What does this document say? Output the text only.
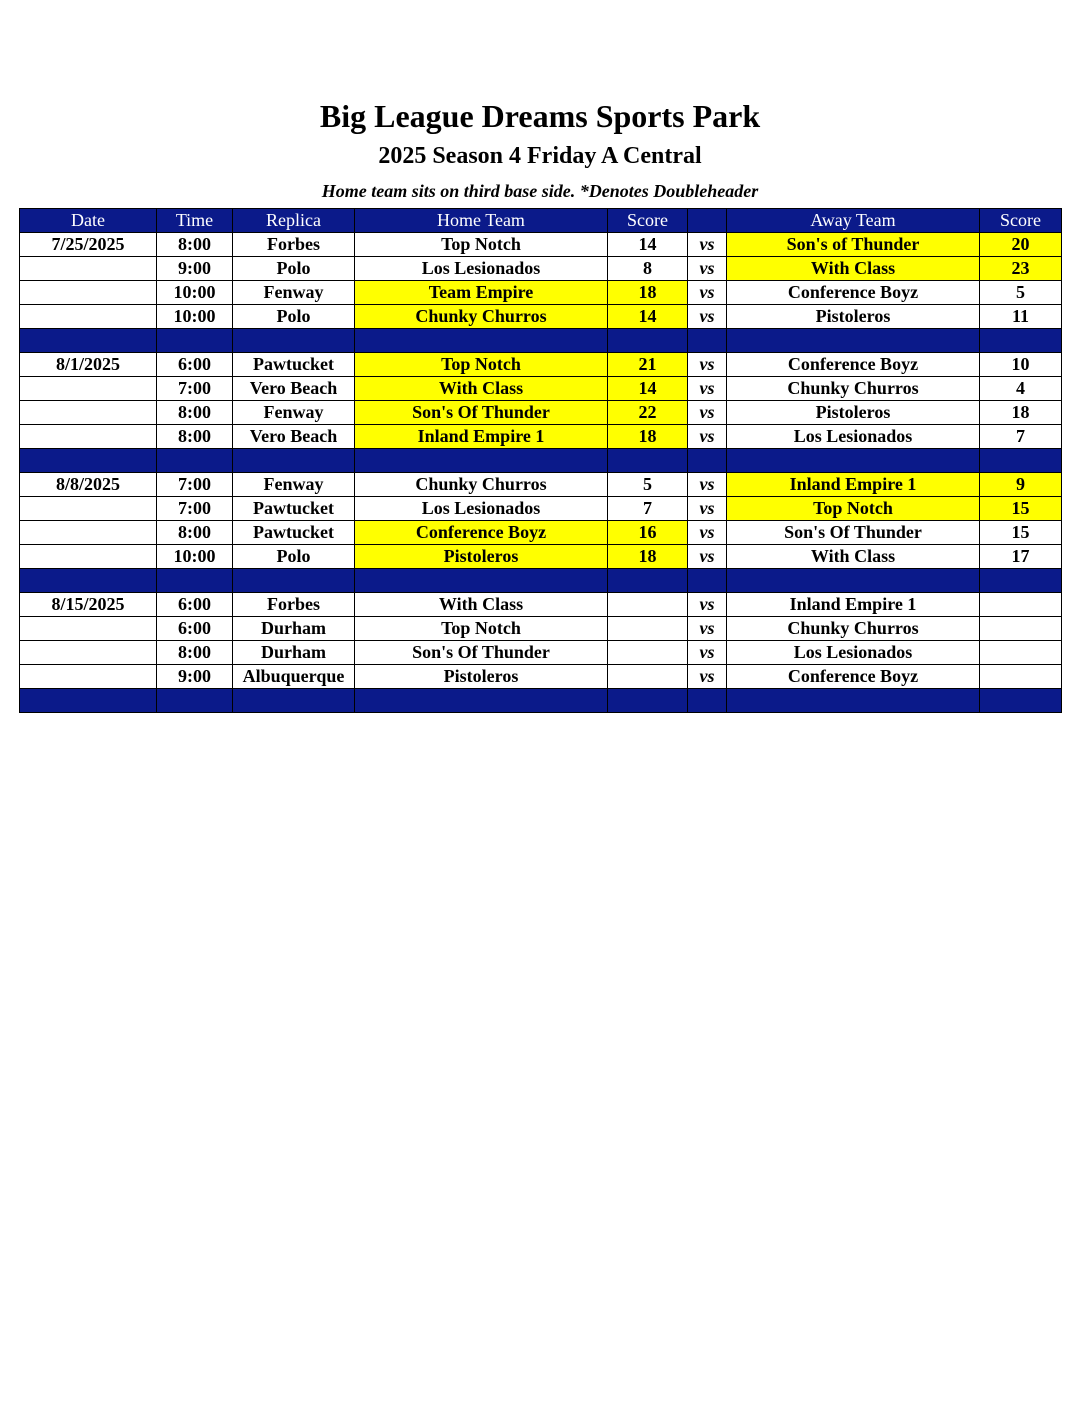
Big League Dreams Sports Park
2025 Season 4 Friday A Central
Home team sits on third base side. *Denotes Doubleheader
Date	Time	Replica	Home Team	Score		Away Team	Score
7/25/2025	8:00	Forbes	Top Notch	14	vs	Son's of Thunder	20
	9:00	Polo	Los Lesionados	8	vs	With Class	23
	10:00	Fenway	Team Empire	18	vs	Conference Boyz	5
	10:00	Polo	Chunky Churros	14	vs	Pistoleros	11

8/1/2025	6:00	Pawtucket	Top Notch	21	vs	Conference Boyz	10
	7:00	Vero Beach	With Class	14	vs	Chunky Churros	4
	8:00	Fenway	Son's Of Thunder	22	vs	Pistoleros	18
	8:00	Vero Beach	Inland Empire 1	18	vs	Los Lesionados	7

8/8/2025	7:00	Fenway	Chunky Churros	5	vs	Inland Empire 1	9
	7:00	Pawtucket	Los Lesionados	7	vs	Top Notch	15
	8:00	Pawtucket	Conference Boyz	16	vs	Son's Of Thunder	15
	10:00	Polo	Pistoleros	18	vs	With Class	17

8/15/2025	6:00	Forbes	With Class		vs	Inland Empire 1	
	6:00	Durham	Top Notch		vs	Chunky Churros	
	8:00	Durham	Son's Of Thunder		vs	Los Lesionados	
	9:00	Albuquerque	Pistoleros		vs	Conference Boyz	
